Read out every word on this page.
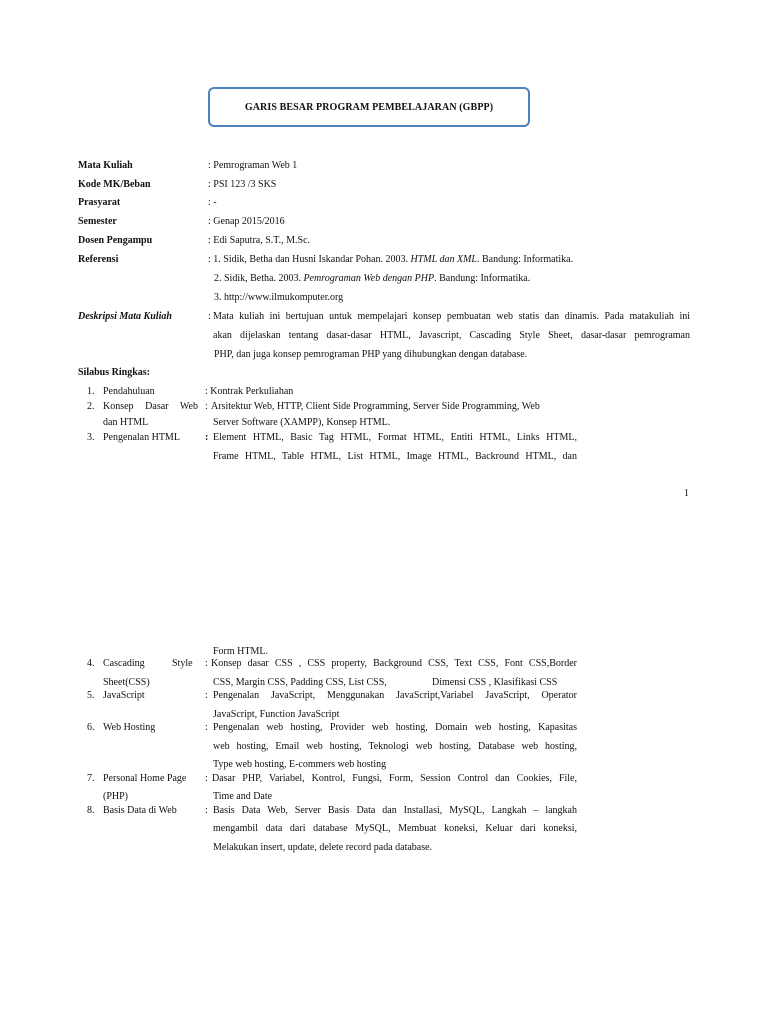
GARIS BESAR PROGRAM PEMBELAJARAN (GBPP)
Mata Kuliah	: Pemrograman Web 1
Kode MK/Beban	: PSI 123 /3 SKS
Prasyarat	: -
Semester	: Genap 2015/2016
Dosen Pengampu	: Edi Saputra, S.T., M.Sc.
Referensi	: 1. Sidik, Betha dan Husni Iskandar Pohan. 2003. HTML dan XML. Bandung: Informatika.
2. Sidik, Betha. 2003. Pemrograman Web dengan PHP. Bandung: Informatika.
3. http://www.ilmukomputer.org
Deskripsi Mata Kuliah	: Mata kuliah ini bertujuan untuk mempelajari konsep pembuatan web statis dan dinamis. Pada matakuliah ini
akan dijelaskan tentang dasar-dasar HTML, Javascript, Cascading Style Sheet, dasar-dasar pemrograman
PHP, dan juga konsep pemrograman PHP yang dihubungkan dengan database.
Silabus Ringkas:
1. Pendahuluan	: Kontrak Perkuliahan
2. Konsep Dasar Web
dan HTML
: Arsitektur Web, HTTP, Client Side Programming, Server Side Programming, Web
Server Software (XAMPP), Konsep HTML.
3. Pengenalan HTML	: Element HTML, Basic Tag HTML, Format HTML, Entiti HTML, Links HTML,
Frame HTML, Table HTML, List HTML, Image HTML, Backround HTML, dan
1
Form HTML.
4. Cascading	Style
Sheet(CSS)
: Konsep dasar CSS , CSS property, Background CSS, Text CSS, Font CSS,Border
CSS, Margin CSS, Padding CSS, List CSS,	Dimensi CSS , Klasifikasi CSS
5. JavaScript	: Pengenalan JavaScript, Menggunakan JavaScript,Variabel JavaScript, Operator
JavaScript, Function JavaScript
6. Web Hosting	: Pengenalan web hosting, Provider web hosting, Domain web hosting, Kapasitas
web hosting, Email web hosting, Teknologi web hosting, Database web hosting,
Type web hosting, E-commers web hosting
7. Personal Home Page
(PHP)
: Dasar PHP, Variabel, Kontrol, Fungsi, Form, Session Control dan Cookies, File,
Time and Date
8. Basis Data di Web	: Basis Data Web, Server Basis Data dan Installasi, MySQL, Langkah – langkah
mengambil data dari database MySQL, Membuat koneksi, Keluar dari koneksi,
Melakukan insert, update, delete record pada database.
